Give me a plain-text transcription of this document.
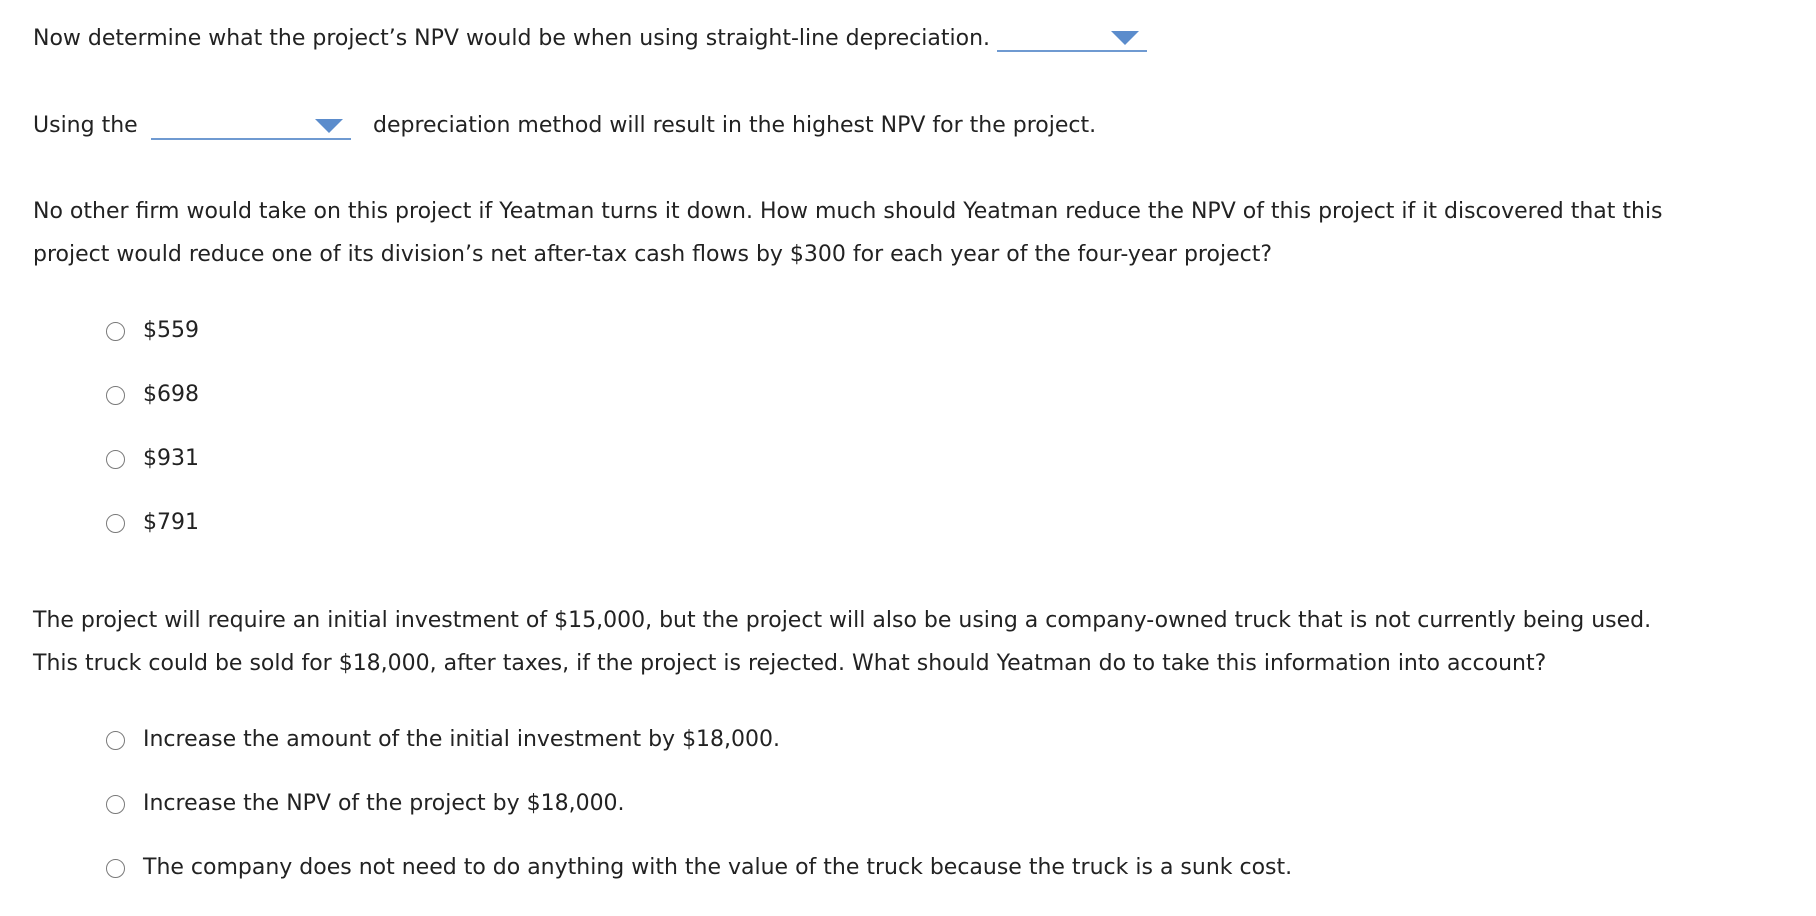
Now determine what the project’s NPV would be when using straight-line depreciation.
Using the	depreciation method will result in the highest NPV for the project.
No other firm would take on this project if Yeatman turns it down. How much should Yeatman reduce the NPV of this project if it discovered that this
project would reduce one of its division’s net after-tax cash flows by $300 for each year of the four-year project?
$559
$698
$931
$791
The project will require an initial investment of $15,000, but the project will also be using a company-owned truck that is not currently being used.
This truck could be sold for $18,000, after taxes, if the project is rejected. What should Yeatman do to take this information into account?
Increase the amount of the initial investment by $18,000.
Increase the NPV of the project by $18,000.
The company does not need to do anything with the value of the truck because the truck is a sunk cost.
